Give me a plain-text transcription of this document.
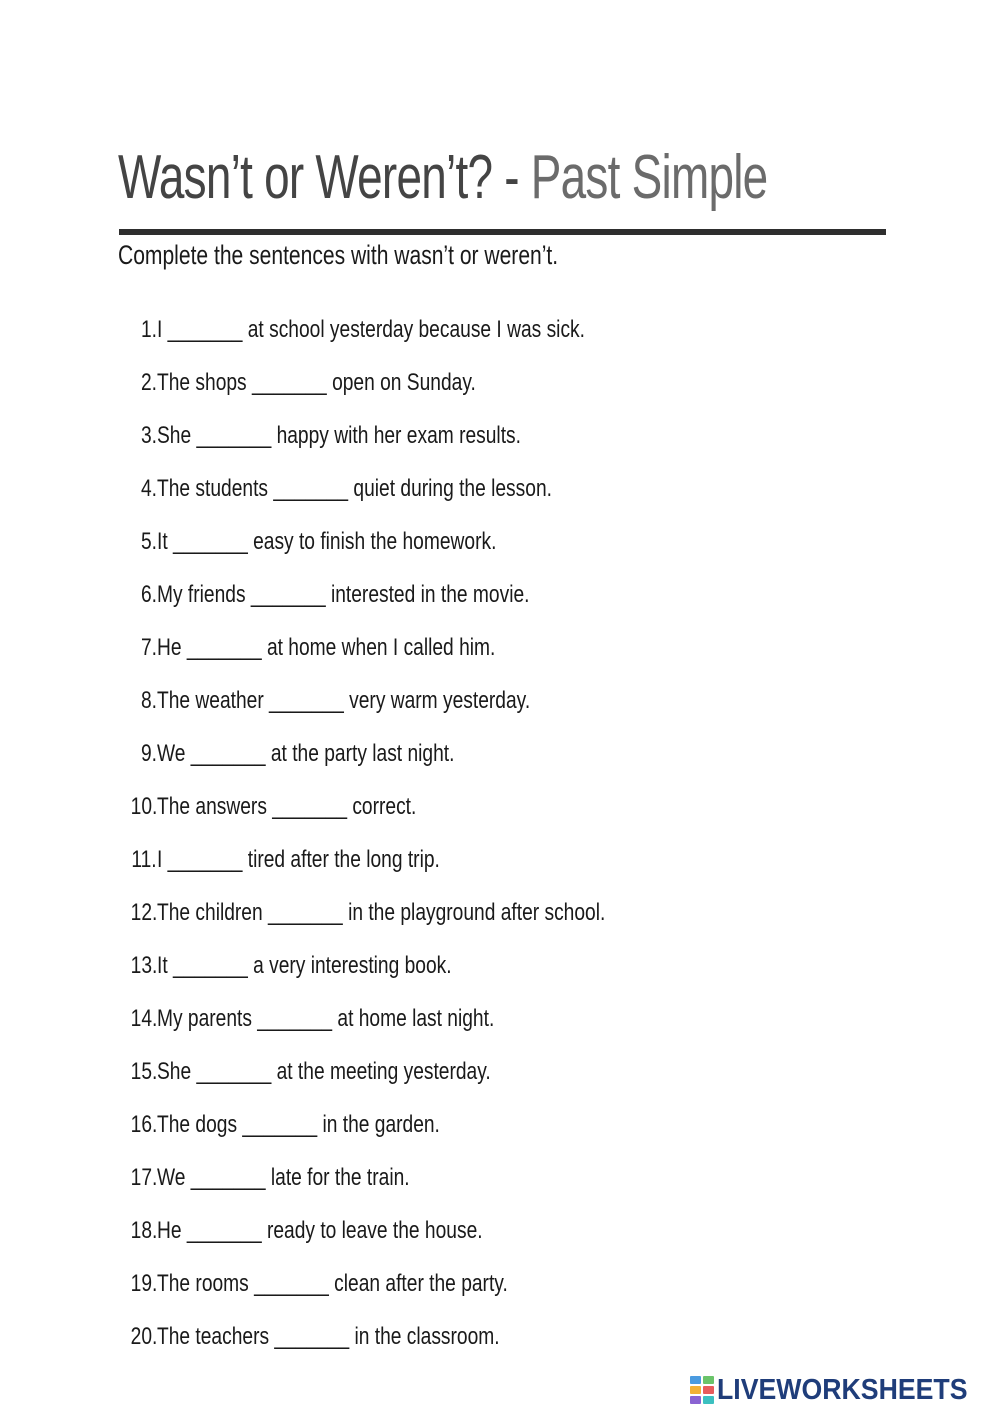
Wasn’t or Weren’t? - Past Simple
Complete the sentences with wasn’t or weren’t.
1. I _______ at school yesterday because I was sick.
2. The shops _______ open on Sunday.
3. She _______ happy with her exam results.
4. The students _______ quiet during the lesson.
5. It _______ easy to finish the homework.
6. My friends _______ interested in the movie.
7. He _______ at home when I called him.
8. The weather _______ very warm yesterday.
9. We _______ at the party last night.
10. The answers _______ correct.
11. I _______ tired after the long trip.
12. The children _______ in the playground after school.
13. It _______ a very interesting book.
14. My parents _______ at home last night.
15. She _______ at the meeting yesterday.
16. The dogs _______ in the garden.
17. We _______ late for the train.
18. He _______ ready to leave the house.
19. The rooms _______ clean after the party.
20. The teachers _______ in the classroom.
LIVEWORKSHEETS
